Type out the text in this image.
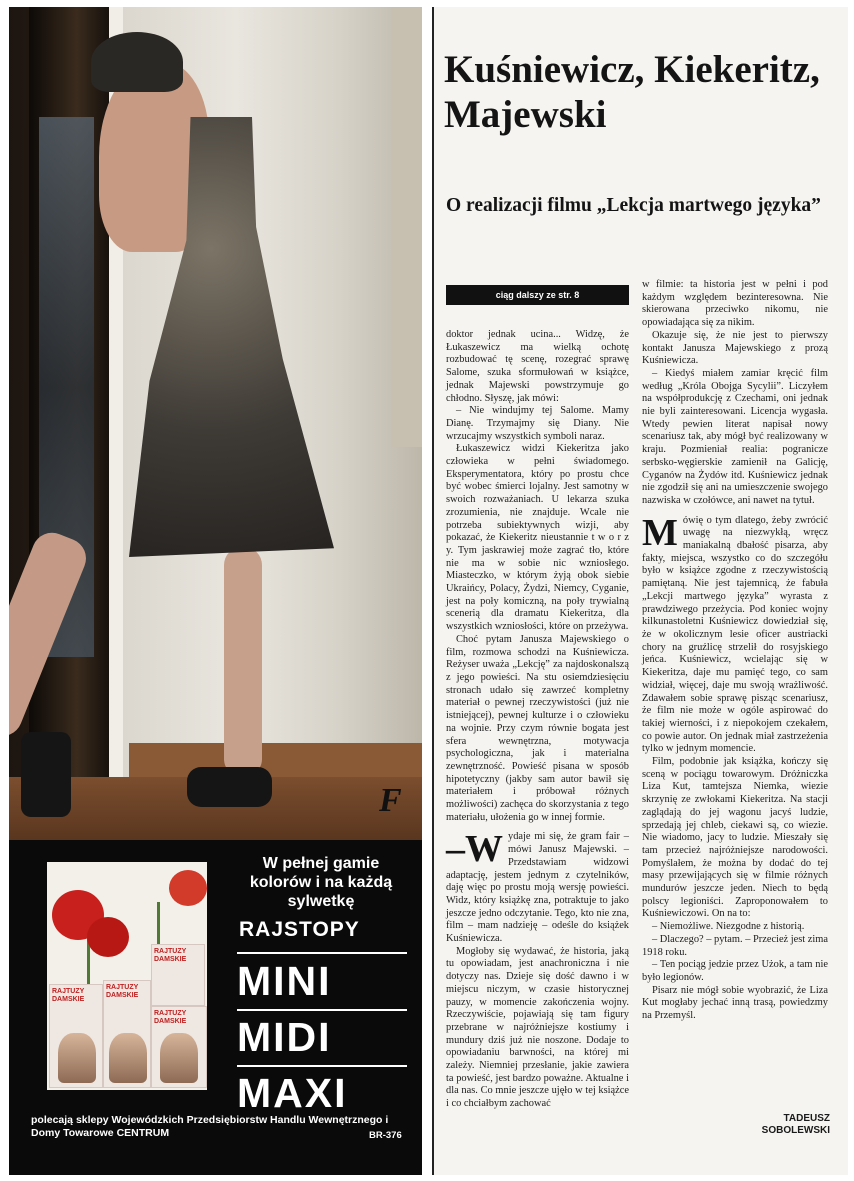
F
RAJTUZY DAMSKIE
RAJTUZY DAMSKIE
RAJTUZY DAMSKIE
RAJTUZY DAMSKIE
W pełnej gamie kolorów i na każdą sylwetkę
RAJSTOPY
MINI
MIDI
MAXI
polecają sklepy Wojewódzkich Przedsiębiorstw Handlu Wewnętrznego i Domy Towarowe CENTRUM	BR-376
Kuśniewicz, Kiekeritz, Majewski
O realizacji filmu „Lekcja martwego języka”
ciąg dalszy ze str. 8

doktor jednak ucina... Widzę, że Łukaszewicz ma wielką ochotę rozbudować tę scenę, rozegrać sprawę Salome, szuka sformułowań w książce, jednak Majewski powstrzymuje go chłodno. Słyszę, jak mówi:

– Nie windujmy tej Salome. Mamy Dianę. Trzymajmy się Diany. Nie wrzucajmy wszystkich symboli naraz.

Łukaszewicz widzi Kiekeritza jako człowieka w pełni świadomego. Eksperymentatora, który po prostu chce być wobec śmierci lojalny. Jest samotny w swoich rozważaniach. U lekarza szuka zrozumienia, nie znajduje. Wcale nie potrzeba subiektywnych wizji, aby pokazać, że Kiekeritz nieustannie t w o r z y. Tym jaskrawiej może zagrać tło, które nie ma w sobie nic wzniosłego. Miasteczko, w którym żyją obok siebie Ukraińcy, Polacy, Żydzi, Niemcy, Cyganie, jest na poły komiczną, na poły trywialną scenerią dla dramatu Kiekeritza, dla wszystkich wzniosłości, które on przeżywa.

Choć pytam Janusza Majewskiego o film, rozmowa schodzi na Kuśniewicza. Reżyser uważa „Lekcję” za najdoskonalszą z jego powieści. Na stu osiemdziesięciu stronach udało się zawrzeć kompletny materiał o pewnej rzeczywistości (już nie istniejącej), pewnej kulturze i o człowieku na wojnie. Przy czym równie bogata jest sfera wewnętrzna, motywacja psychologiczna, jak i materialna zewnętrzność. Powieść pisana w sposób hipotetyczny (jakby sam autor bawił się materiałem i próbował różnych możliwości) zachęca do skorzystania z tego materiału, ułożenia go w innej formie.

–W ydaje mi się, że gram fair – mówi Janusz Majewski. – Przedstawiam widzowi adaptację, jestem jednym z czytelników, daję więc po prostu moją wersję powieści. Widz, który książkę zna, potraktuje to jako jeszcze jedno odczytanie. Tego, kto nie zna, film – mam nadzieję – odeśle do książek Kuśniewicza.

Mogłoby się wydawać, że historia, jaką tu opowiadam, jest anachroniczna i nie dotyczy nas. Dzieje się dość dawno i w miejscu niczym, w czasie historycznej pauzy, w momencie zakończenia wojny. Rzeczywiście, pojawiają się tam figury przebrane w najróżniejsze kostiumy i mundury dziś już nie noszone. Dodaje to opowiadaniu barwności, na której mi zależy. Niemniej przesłanie, jakie zawiera ta powieść, jest bardzo poważne. Aktualne i dla nas. Co mnie jeszcze ujęło w tej książce i co chciałbym zachować

w filmie: ta historia jest w pełni i pod każdym względem bezinteresowna. Nie skierowana przeciwko nikomu, nie opowiadająca się za nikim.

Okazuje się, że nie jest to pierwszy kontakt Janusza Majewskiego z prozą Kuśniewicza.

– Kiedyś miałem zamiar kręcić film według „Króla Obojga Sycylii”. Liczyłem na współprodukcję z Czechami, oni jednak nie byli zainteresowani. Licencja wygasła. Wtedy pewien literat napisał nowy scenariusz tak, aby mógł być realizowany w kraju. Pozmieniał realia: pogranicze serbsko-węgierskie zamienił na Galicję, Cyganów na Żydów itd. Kuśniewicz jednak nie zgodził się ani na umieszczenie swojego nazwiska w czołówce, ani nawet na tytuł.

Mówię o tym dlatego, żeby zwrócić uwagę na niezwykłą, wręcz maniakalną dbałość pisarza, aby fakty, miejsca, wszystko co do szczegółu było w książce zgodne z rzeczywistością pamiętaną. Nie jest tajemnicą, że fabuła „Lekcji martwego języka” wyrasta z prawdziwego przeżycia. Pod koniec wojny kilkunastoletni Kuśniewicz dowiedział się, że w okolicznym lesie oficer austriacki chory na gruźlicę strzelił do rosyjskiego jeńca. Kuśniewicz, wcielając się w Kiekeritza, daje mu pamięć tego, co sam widział, więcej, daje mu swoją wrażliwość. Zdawałem sobie sprawę pisząc scenariusz, że film nie może w ogóle aspirować do takiej wierności, i z niepokojem czekałem, co powie autor. On jednak miał zastrzeżenia tylko w jednym momencie.

Film, podobnie jak książka, kończy się sceną w pociągu towarowym. Dróżniczka Liza Kut, tamtejsza Niemka, wiezie skrzynię ze zwłokami Kiekeritza. Na stacji zaglądają do jej wagonu jacyś ludzie, sprzedają jej chleb, ciekawi są, co wiezie. Nie wiadomo, jacy to ludzie. Mieszały się tam przecież najróżniejsze narodowości. Pomyślałem, że można by dodać do tej masy przewijających się w filmie różnych mundurów jeszcze jeden. Niech to będą polscy legioniści. Zaproponowałem to Kuśniewiczowi. On na to:

– Niemożliwe. Niezgodne z historią.

– Dlaczego? – pytam. – Przecież jest zima 1918 roku.

– Ten pociąg jedzie przez Użok, a tam nie było legionów.

Pisarz nie mógł sobie wyobrazić, że Liza Kut mogłaby jechać inną trasą, powiedzmy na Przemyśl.

TADEUSZ SOBOLEWSKI
